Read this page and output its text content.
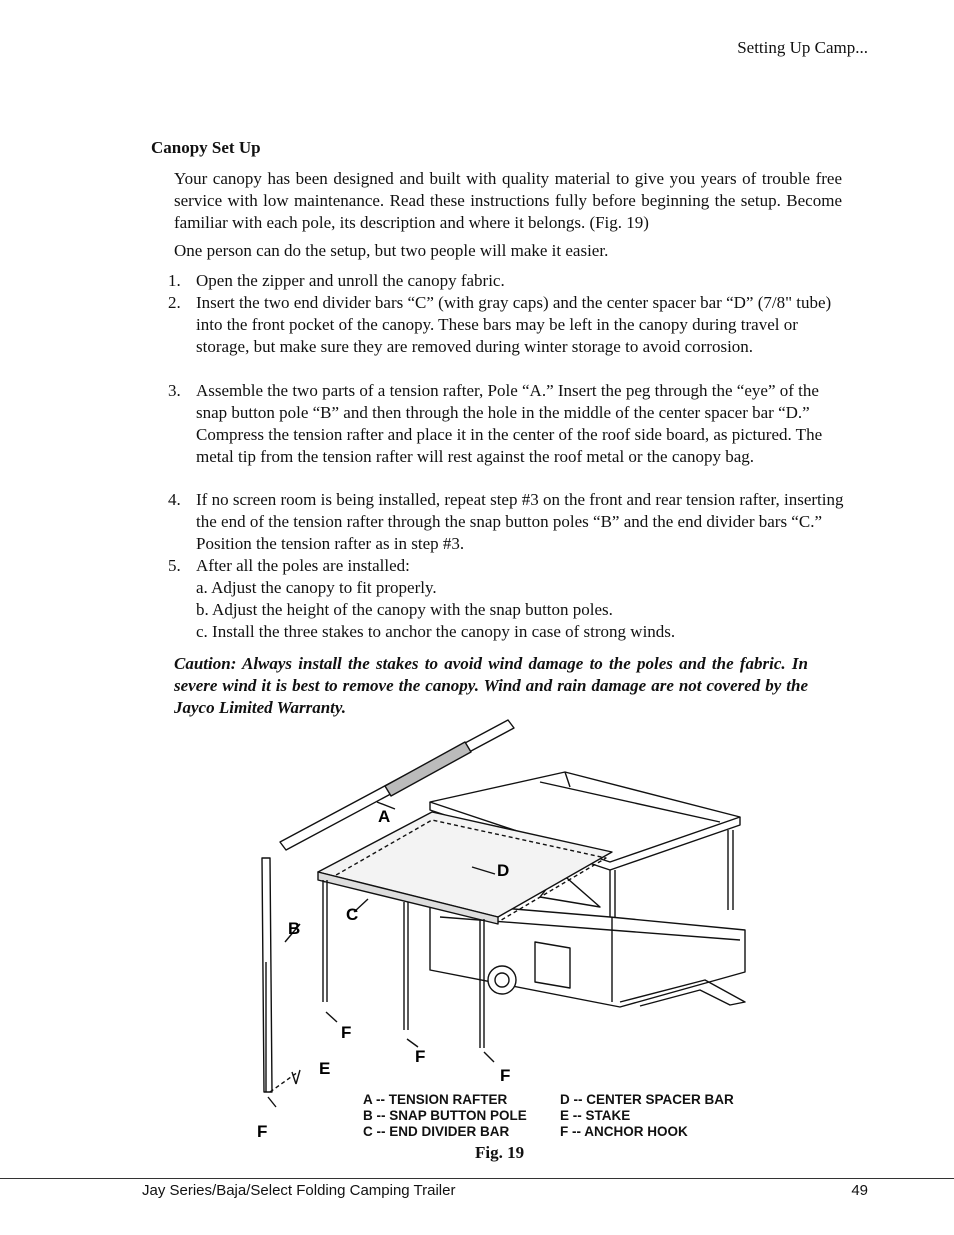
Setting Up Camp...
Canopy Set Up
Your canopy has been designed and built with quality material to give you years of trouble free service with low maintenance. Read these instructions fully before beginning the setup. Become familiar with each pole, its description and where it belongs. (Fig. 19)
One person can do the setup, but two people will make it easier.
1. Open the zipper and unroll the canopy fabric.
2. Insert the two end divider bars “C” (with gray caps) and the center spacer bar “D” (7/8" tube) into the front pocket of the canopy. These bars may be left in the canopy during travel or storage, but make sure they are removed during winter storage to avoid corrosion.
3. Assemble the two parts of a tension rafter, Pole “A.” Insert the peg through the “eye” of the snap button pole “B” and then through the hole in the middle of the center spacer bar “D.” Compress the tension rafter and place it in the center of the roof side board, as pictured. The metal tip from the tension rafter will rest against the roof metal or the canopy bag.
4. If no screen room is being installed, repeat step #3 on the front and rear tension rafter, inserting the end of the tension rafter through the snap button poles “B” and the end divider bars “C.” Position the tension rafter as in step #3.
5. After all the poles are installed:
a. Adjust the canopy to fit properly.
b. Adjust the height of the canopy with the snap button poles.
c. Install the three stakes to anchor the canopy in case of strong winds.
Caution: Always install the stakes to avoid wind damage to the poles and the fabric. In severe wind it is best to remove the canopy. Wind and rain damage are not covered by the Jayco Limited Warranty.
A
D
C
B
F
F
F
E
F
A -- TENSION RAFTER
B -- SNAP BUTTON POLE
C -- END DIVIDER BAR
D -- CENTER SPACER BAR
E -- STAKE
F -- ANCHOR HOOK
Fig. 19
Jay Series/Baja/Select Folding Camping Trailer	49
